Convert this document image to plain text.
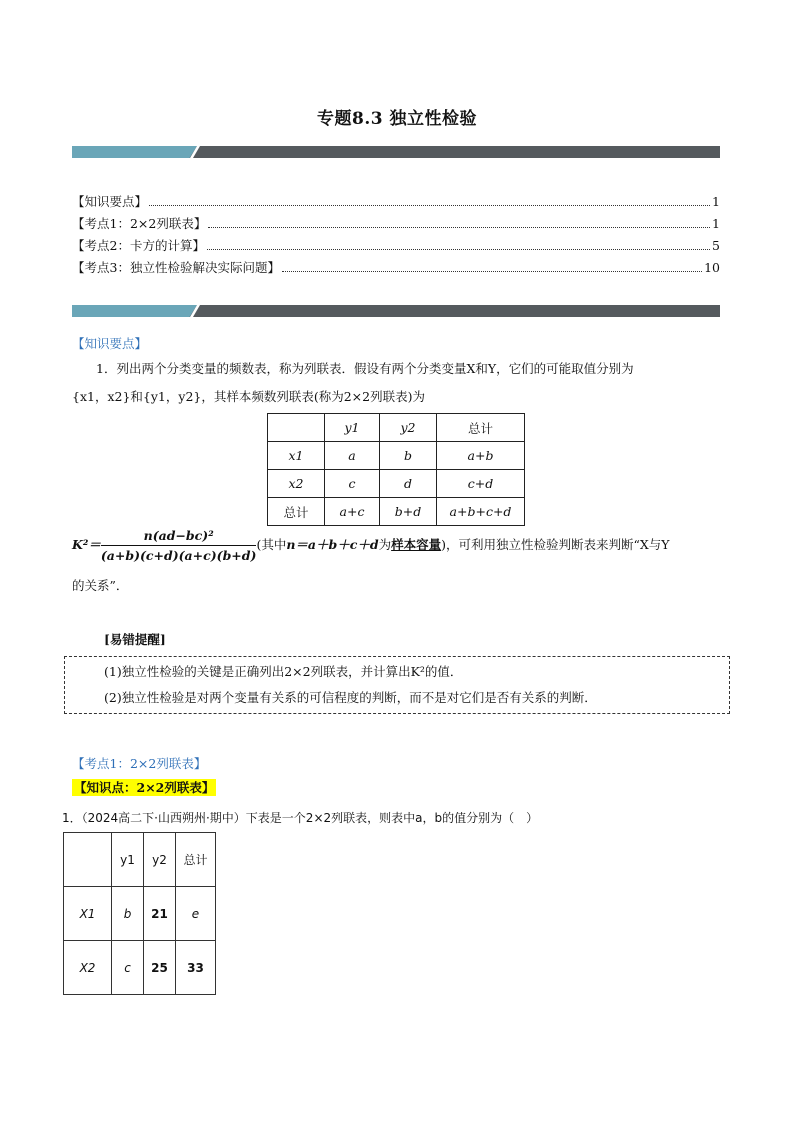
专题8.3 独立性检验
【知识要点】	1
【考点1：2×2列联表】	1
【考点2：卡方的计算】	5
【考点3：独立性检验解决实际问题】	10
【知识要点】
1．列出两个分类变量的频数表，称为列联表．假设有两个分类变量X和Y，它们的可能取值分别为
{x1，x2}和{y1，y2}，其样本频数列联表(称为2×2列联表)为
	y1	y2	总计
x1	a	b	a+b
x2	c	d	c+d
总计	a+c	b+d	a+b+c+d
$K^2= \frac{\text{n(ad−bc)²}}{(a+b)(c+d)(a+c)(b+d)}$ (其中n＝a＋b＋c＋d为样本容量)，可利用独立性检验判断表来判断“X与Y
的关系”．
[易错提醒]
(1)独立性检验的关键是正确列出2×2列联表，并计算出K²的值．
(2)独立性检验是对两个变量有关系的可信程度的判断，而不是对它们是否有关系的判断．
【考点1：2×2列联表】
【知识点：2×2列联表】
1．（2024高二下·山西朔州·期中）下表是一个2×2列联表，则表中a，b的值分别为（　）
	y1	y2	总计
X1	b	21	e
X2	c	25	33
